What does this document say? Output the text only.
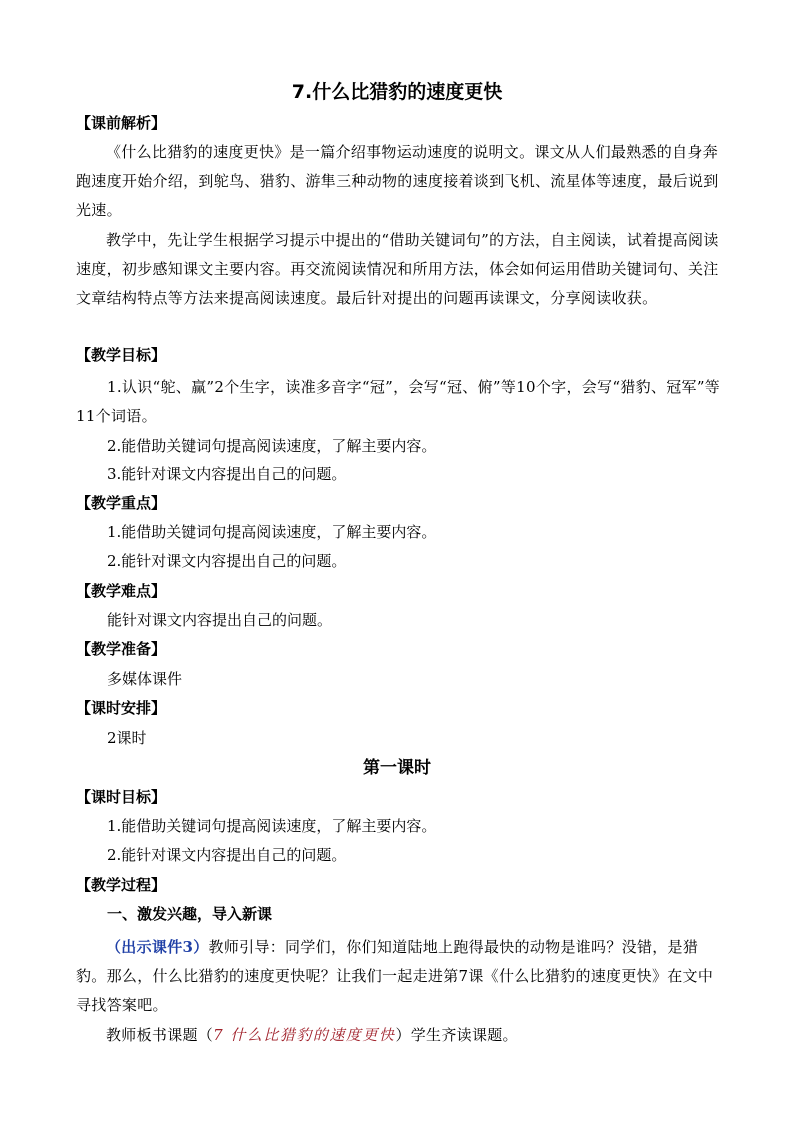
7.什么比猎豹的速度更快
【课前解析】
《什么比猎豹的速度更快》是一篇介绍事物运动速度的说明文。课文从人们最熟悉的自身奔跑速度开始介绍，到鸵鸟、猎豹、游隼三种动物的速度接着谈到飞机、流星体等速度，最后说到光速。
教学中，先让学生根据学习提示中提出的“借助关键词句”的方法，自主阅读，试着提高阅读速度，初步感知课文主要内容。再交流阅读情况和所用方法，体会如何运用借助关键词句、关注文章结构特点等方法来提高阅读速度。最后针对提出的问题再读课文，分享阅读收获。
【教学目标】
1.认识“鸵、赢”2个生字，读准多音字“冠”，会写“冠、俯”等10个字，会写“猎豹、冠军”等11个词语。
2.能借助关键词句提高阅读速度，了解主要内容。
3.能针对课文内容提出自己的问题。
【教学重点】
1.能借助关键词句提高阅读速度，了解主要内容。
2.能针对课文内容提出自己的问题。
【教学难点】
能针对课文内容提出自己的问题。
【教学准备】
多媒体课件
【课时安排】
2课时
第一课时
【课时目标】
1.能借助关键词句提高阅读速度，了解主要内容。
2.能针对课文内容提出自己的问题。
【教学过程】
一、激发兴趣，导入新课
（出示课件3）教师引导：同学们，你们知道陆地上跑得最快的动物是谁吗？没错，是猎豹。那么，什么比猎豹的速度更快呢？让我们一起走进第7课《什么比猎豹的速度更快》在文中寻找答案吧。
教师板书课题（7 什么比猎豹的速度更快）学生齐读课题。
